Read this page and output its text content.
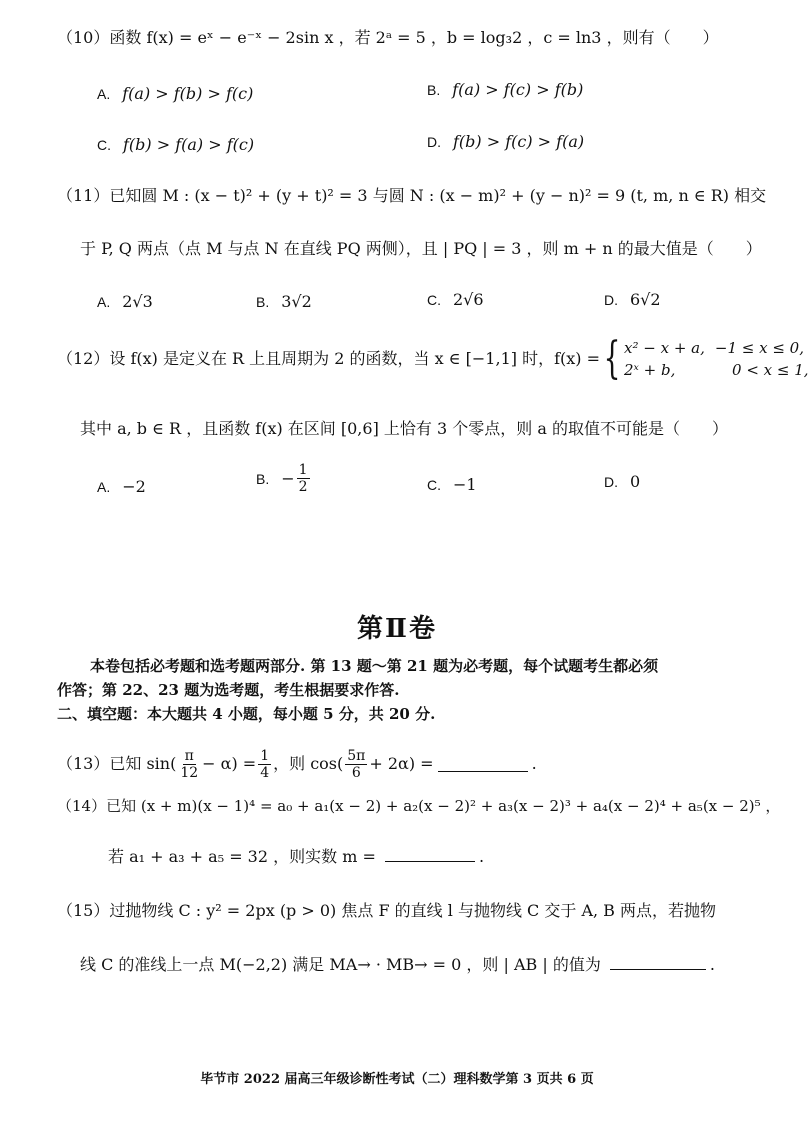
（10）函数 f(x) = eˣ − e⁻ˣ − 2sin x ，若 2ᵃ = 5 ，b = log₃2 ，c = ln3 ，则有（　　）
A. f(a) > f(b) > f(c)	B. f(a) > f(c) > f(b)
C. f(b) > f(a) > f(c)	D. f(b) > f(c) > f(a)
（11）已知圆 M : (x − t)² + (y + t)² = 3 与圆 N : (x − m)² + (y − n)² = 9 (t, m, n ∈ R) 相交
于 P, Q 两点（点 M 与点 N 在直线 PQ 两侧），且 | PQ | = 3 ，则 m + n 的最大值是（　　）
A. 2√3	B. 3√2	C. 2√6	D. 6√2
（12）设 f(x) 是定义在 R 上且周期为 2 的函数，当 x ∈ [−1,1] 时，f(x) = { x² − x + a, −1 ≤ x ≤ 0,
2ˣ + b,	0 < x ≤ 1,
其中 a, b ∈ R ，且函数 f(x) 在区间 [0,6] 上恰有 3 个零点，则 a 的取值不可能是（　　）
A. −2	B. − $\frac{1}{2}$	C. −1	D. 0
第Ⅱ卷
本卷包括必考题和选考题两部分. 第 13 题～第 21 题为必考题，每个试题考生都必须
作答；第 22、23 题为选考题，考生根据要求作答.
二、填空题：本大题共 4 小题，每小题 5 分，共 20 分.
（13）已知 $\sin( \frac{\pi}{12} - \alpha) = \frac{1}{4}$ ，则 $\cos( \frac{5\pi}{6} + 2\alpha)$ =	.
（14）已知 (x + m)(x − 1)⁴ = a₀ + a₁(x − 2) + a₂(x − 2)² + a₃(x − 2)³ + a₄(x − 2)⁴ + a₅(x − 2)⁵ ，
若 a₁ + a₃ + a₅ = 32 ，则实数 m =	.
（15）过抛物线 C : y² = 2px (p > 0) 焦点 F 的直线 l 与抛物线 C 交于 A, B 两点，若抛物
线 C 的准线上一点 M(−2,2) 满足 MA→ · MB→ = 0 ，则 | AB | 的值为	.
毕节市 2022 届高三年级诊断性考试（二）理科数学第 3 页共 6 页
